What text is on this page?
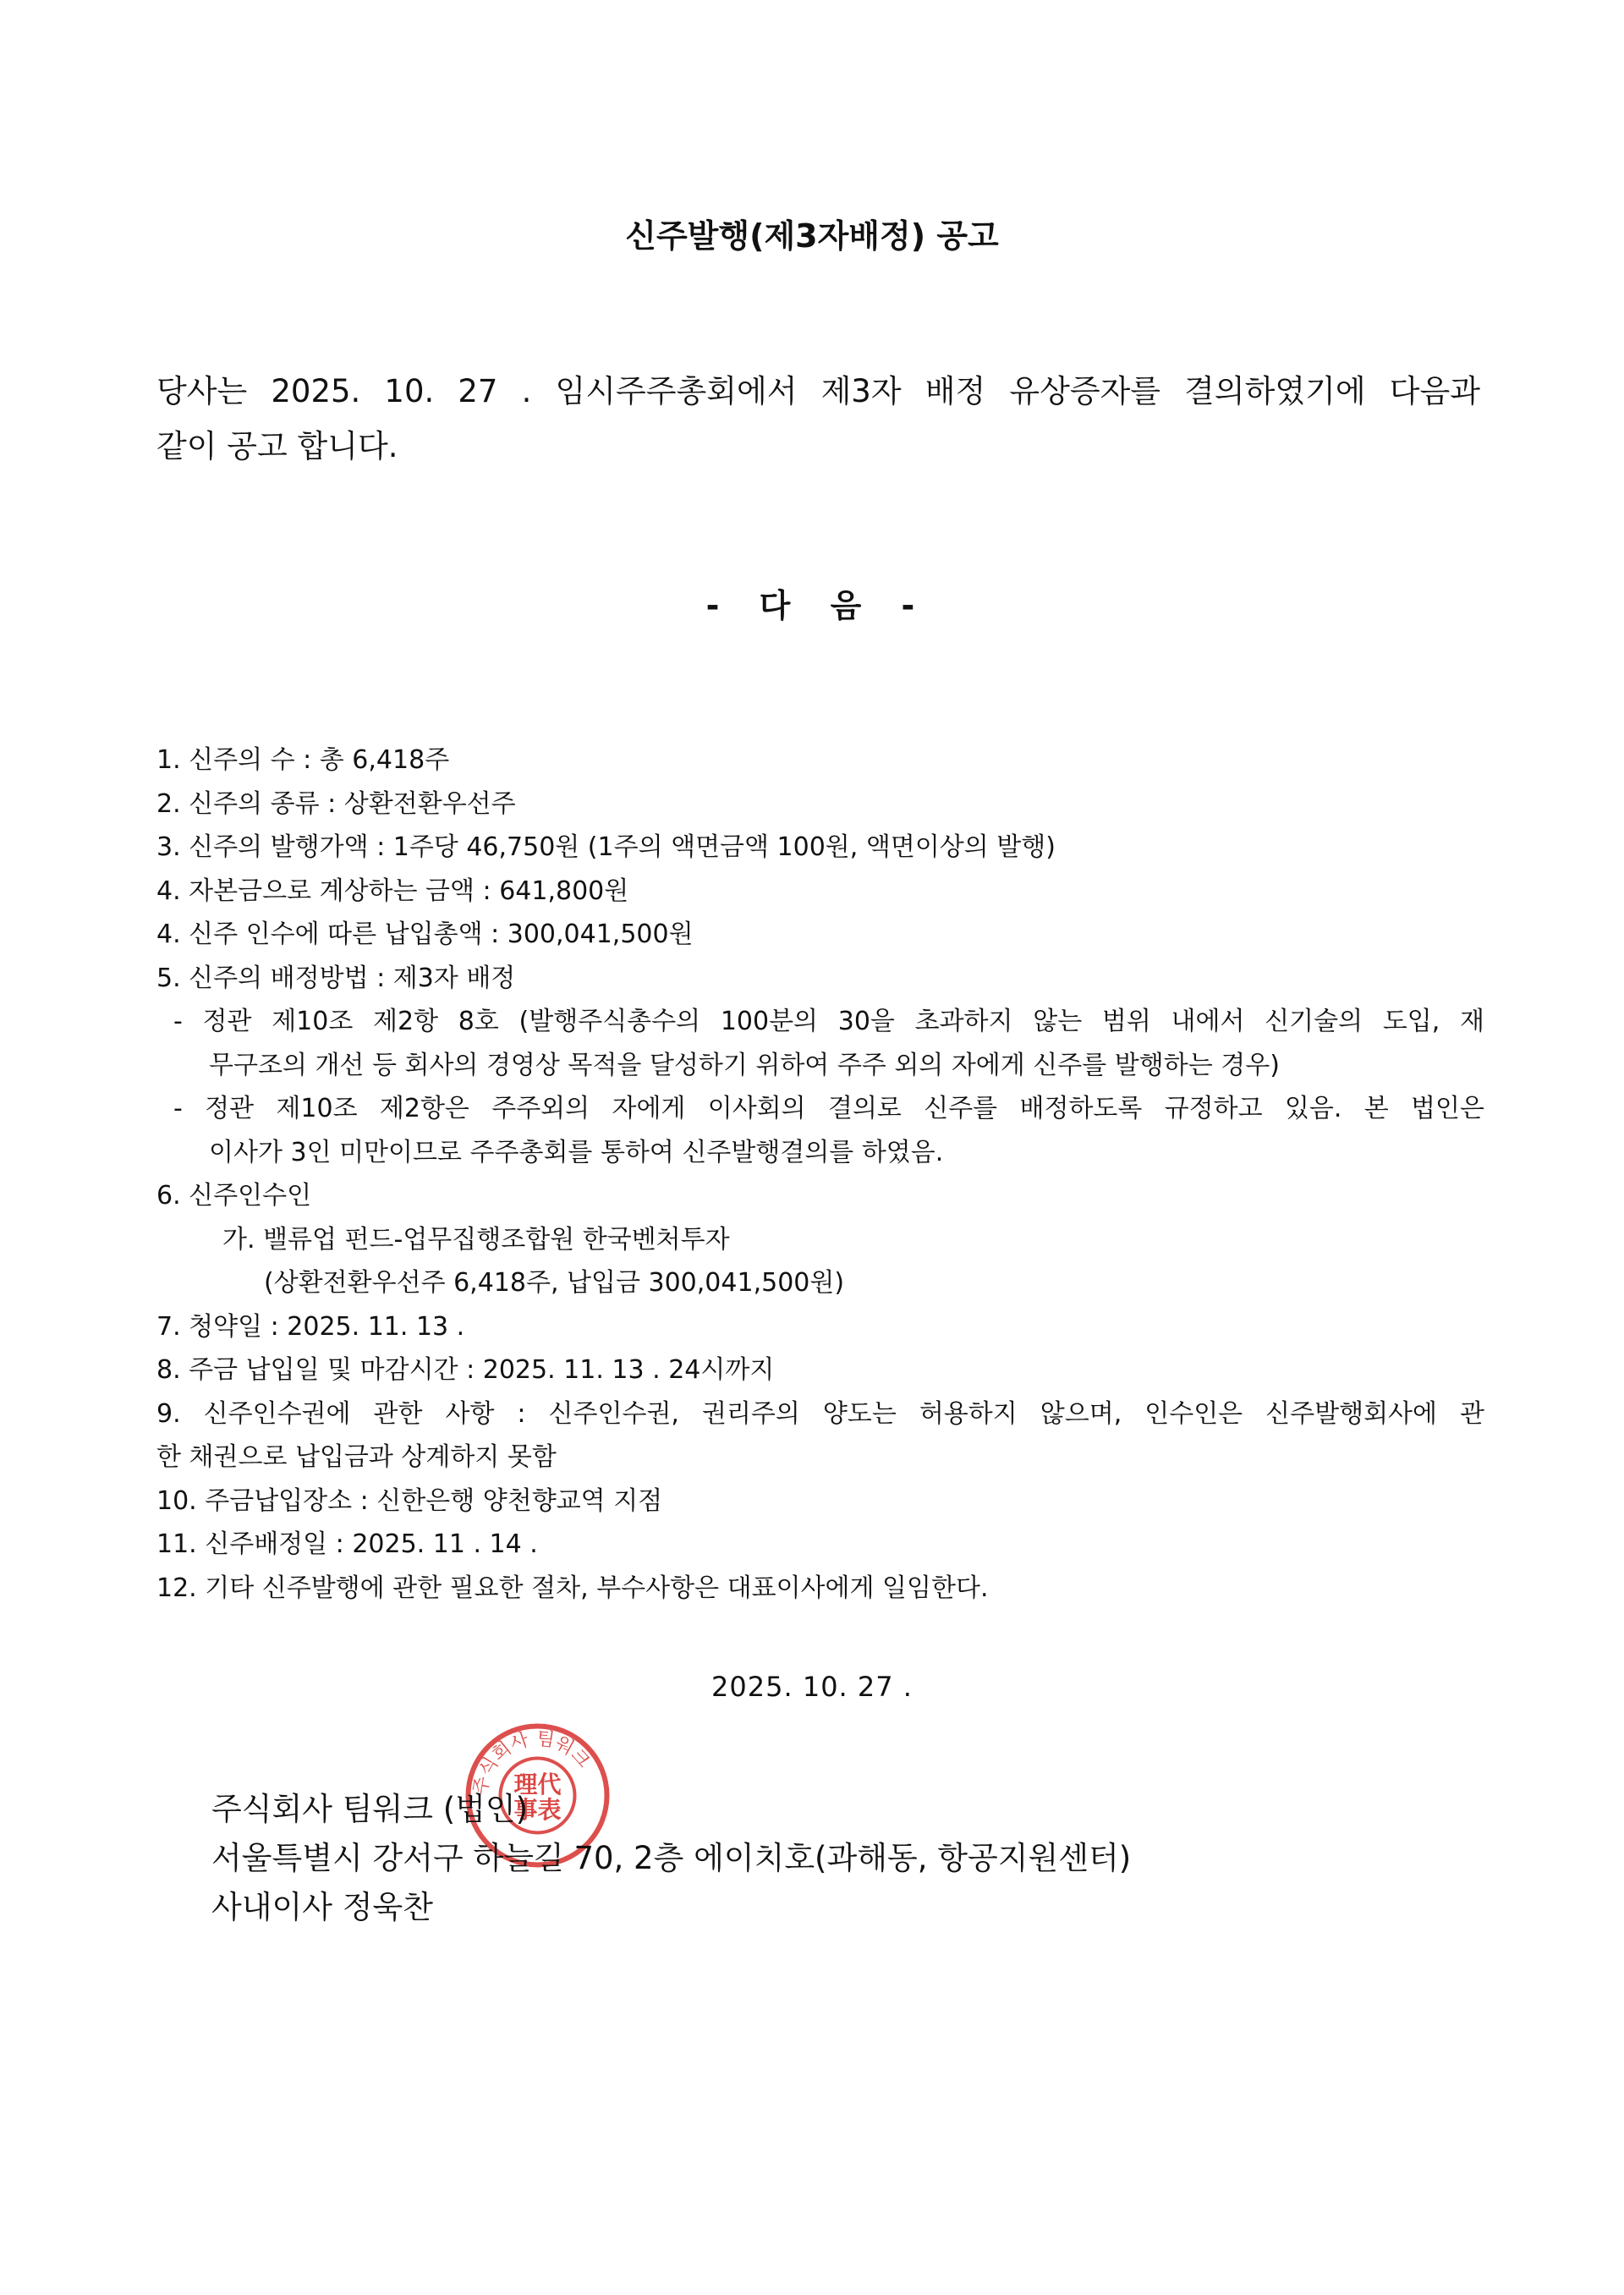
신주발행(제3자배정) 공고
당사는 2025. 10. 27 . 임시주주총회에서 제3자 배정 유상증자를 결의하였기에 다음과
같이 공고 합니다.
- 다 음 -
1. 신주의 수 : 총 6,418주
2. 신주의 종류 : 상환전환우선주
3. 신주의 발행가액 : 1주당 46,750원 (1주의 액면금액 100원, 액면이상의 발행)
4. 자본금으로 계상하는 금액 : 641,800원
4. 신주 인수에 따른 납입총액 : 300,041,500원
5. 신주의 배정방법 : 제3자 배정
- 정관 제10조 제2항 8호 (발행주식총수의 100분의 30을 초과하지 않는 범위 내에서 신기술의 도입, 재
무구조의 개선 등 회사의 경영상 목적을 달성하기 위하여 주주 외의 자에게 신주를 발행하는 경우)
- 정관 제10조 제2항은 주주외의 자에게 이사회의 결의로 신주를 배정하도록 규정하고 있음. 본 법인은
이사가 3인 미만이므로 주주총회를 통하여 신주발행결의를 하였음.
6. 신주인수인
가. 밸류업 펀드-업무집행조합원 한국벤처투자
(상환전환우선주 6,418주, 납입금 300,041,500원)
7. 청약일 : 2025. 11. 13 .
8. 주금 납입일 및 마감시간 : 2025. 11. 13 . 24시까지
9. 신주인수권에 관한 사항 : 신주인수권, 권리주의 양도는 허용하지 않으며, 인수인은 신주발행회사에 관
한 채권으로 납입금과 상계하지 못함
10. 주금납입장소 : 신한은행 양천향교역 지점
11. 신주배정일 : 2025. 11 . 14 .
12. 기타 신주발행에 관한 필요한 절차, 부수사항은 대표이사에게 일임한다.
2025. 10. 27 .
주식회사 팀워크
理代
事表
주식회사 팀워크 (법인)
서울특별시 강서구 하늘길 70, 2층 에이치호(과해동, 항공지원센터)
사내이사 정욱찬
